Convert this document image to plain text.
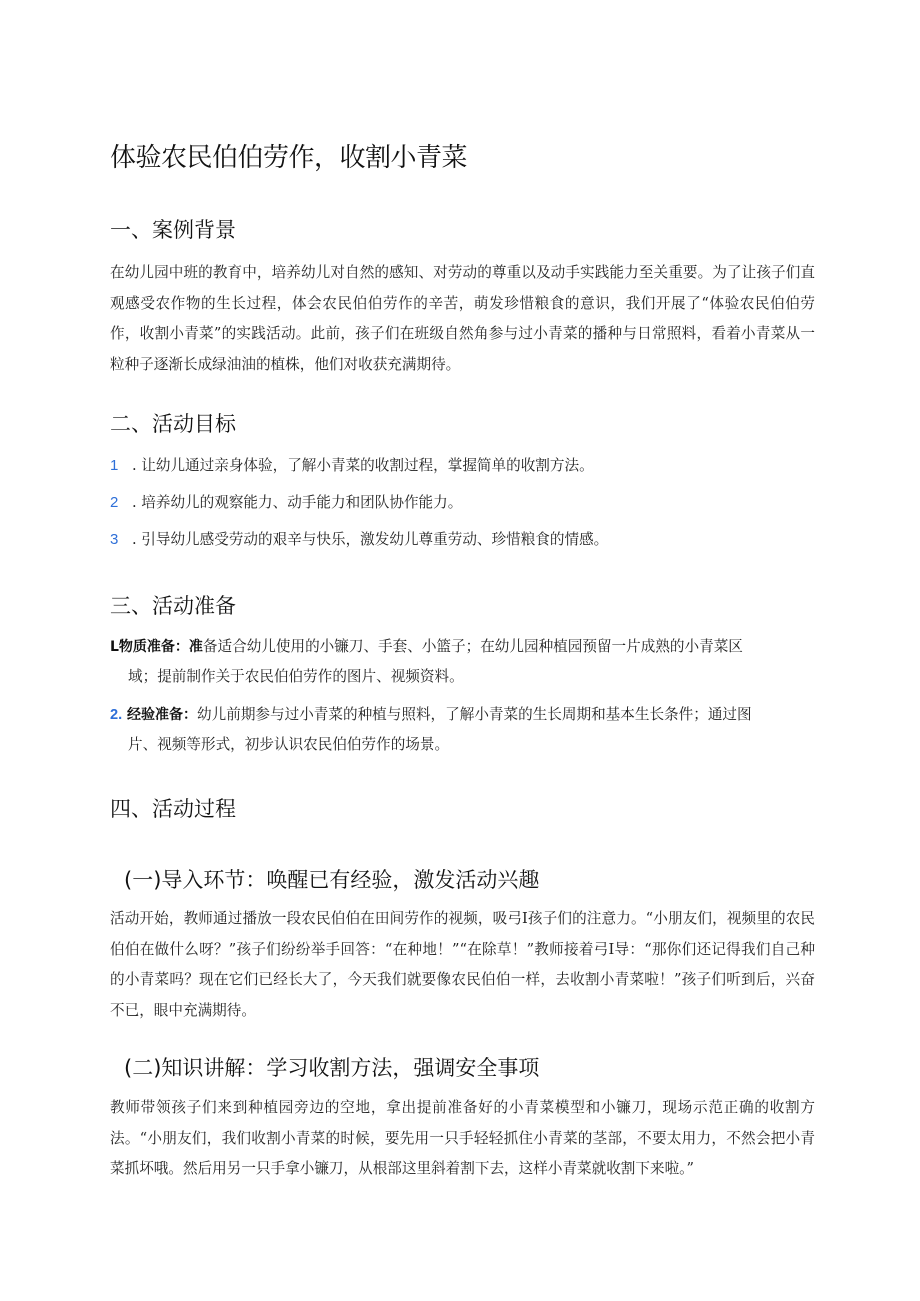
体验农民伯伯劳作，收割小青菜
一、案例背景
在幼儿园中班的教育中，培养幼儿对自然的感知、对劳动的尊重以及动手实践能力至关重要。为了让孩子们直观感受农作物的生长过程，体会农民伯伯劳作的辛苦，萌发珍惜粮食的意识，我们开展了“体验农民伯伯劳作，收割小青菜”的实践活动。此前，孩子们在班级自然角参与过小青菜的播种与日常照料，看着小青菜从一粒种子逐渐长成绿油油的植株，他们对收获充满期待。
二、活动目标
1 . 让幼儿通过亲身体验，了解小青菜的收割过程，掌握简单的收割方法。
2 . 培养幼儿的观察能力、动手能力和团队协作能力。
3 . 引导幼儿感受劳动的艰辛与快乐，激发幼儿尊重劳动、珍惜粮食的情感。
三、活动准备
L物质准备：准备适合幼儿使用的小镰刀、手套、小篮子；在幼儿园种植园预留一片成熟的小青菜区
域；提前制作关于农民伯伯劳作的图片、视频资料。
2. 经验准备：幼儿前期参与过小青菜的种植与照料，了解小青菜的生长周期和基本生长条件；通过图
片、视频等形式，初步认识农民伯伯劳作的场景。
四、活动过程
(一)导入环节：唤醒已有经验，激发活动兴趣
活动开始，教师通过播放一段农民伯伯在田间劳作的视频，吸弓I孩子们的注意力。“小朋友们，视频里的农民伯伯在做什么呀？”孩子们纷纷举手回答：“在种地！”“在除草！”教师接着弓I导：“那你们还记得我们自己种的小青菜吗？现在它们已经长大了，今天我们就要像农民伯伯一样，去收割小青菜啦！”孩子们听到后，兴奋不已，眼中充满期待。
(二)知识讲解：学习收割方法，强调安全事项
教师带领孩子们来到种植园旁边的空地，拿出提前准备好的小青菜模型和小镰刀，现场示范正确的收割方法。“小朋友们，我们收割小青菜的时候，要先用一只手轻轻抓住小青菜的茎部，不要太用力，不然会把小青菜抓坏哦。然后用另一只手拿小镰刀，从根部这里斜着割下去，这样小青菜就收割下来啦。”
